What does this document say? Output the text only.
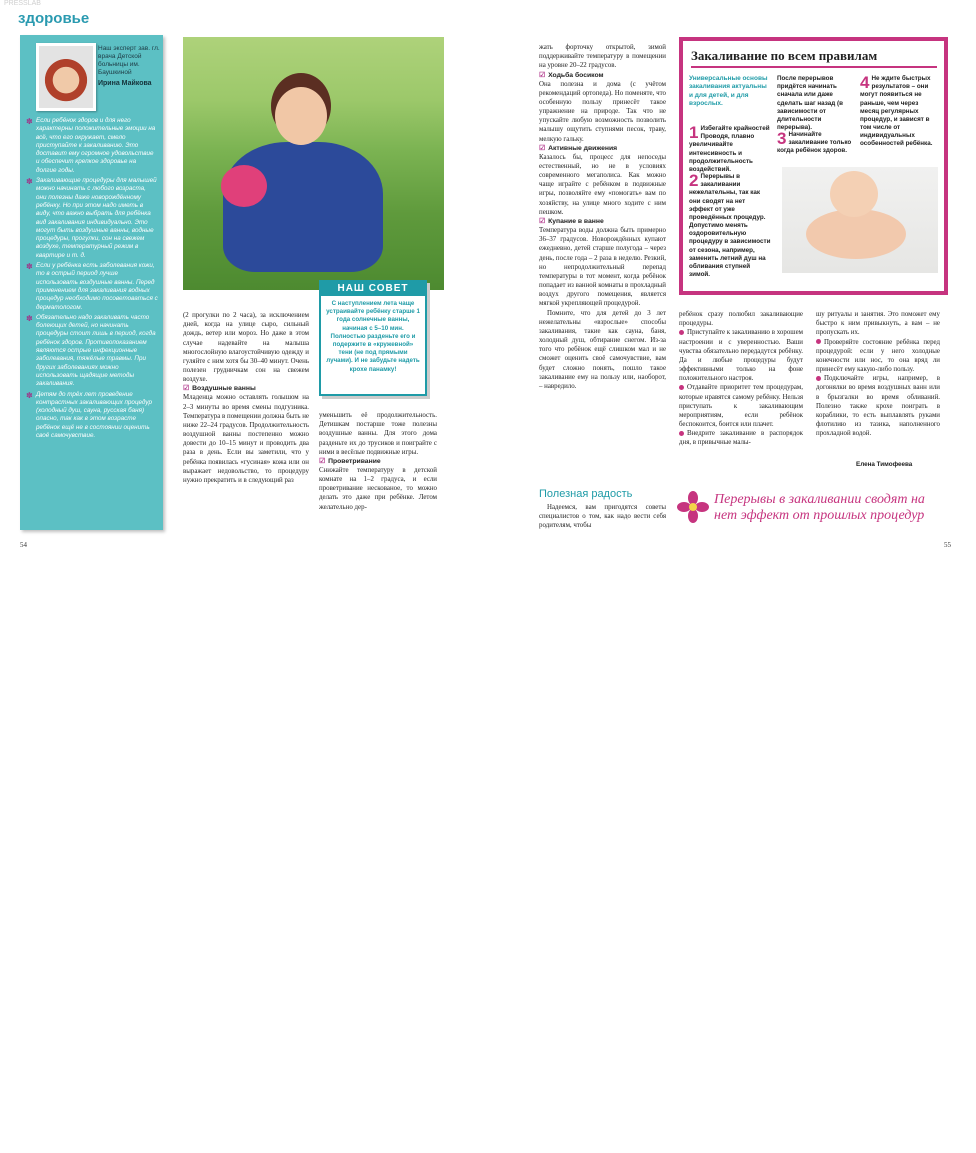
PRESSLAB
здоровье
Наш эксперт зав. гл. врача Детской больницы им. Баушкиной
Ирина Майкова
✽ Если ребёнок здоров и для него характерны положительные эмоции на всё, что его окружает, смело приступайте к закаливанию. Это доставит ему огромное удовольствие и обеспечит крепкое здоровье на долгие годы.
✽ Закаливающие процедуры для малышей можно начинать с любого возраста, они полезны даже новорождённому ребёнку. Но при этом надо иметь в виду, что важно выбрать для ребёнка вид закаливания индивидуально. Это могут быть воздушные ванны, водные процедуры, прогулки, сон на свежем воздухе, температурный режим в квартире и т. д.
✽ Если у ребёнка есть заболевания кожи, то в острый период лучше использовать воздушные ванны. Перед применением для закаливания водных процедур необходимо посоветоваться с дерматологом.
✽ Обязательно надо закаливать часто болеющих детей, но начинать процедуры стоит лишь в период, когда ребёнок здоров. Противопоказанием являются острые инфекционные заболевания, тяжёлые травмы. При других заболеваниях можно использовать щадящие методы закаливания.
✽ Детям до трёх лет проведение контрастных закаливающих процедур (холодный душ, сауна, русская баня) опасно, так как в этом возрасте ребёнок ещё не в состоянии оценить своё самочувствие.

(2 прогулки по 2 часа), за исключением дней, когда на улице сыро, сильный дождь, ветер или мороз. Но даже в этом случае надевайте на малыша многослойную влагоустойчивую одежду и гуляйте с ним хотя бы 30–40 минут. Очень полезен грудничкам сон на свежем воздухе.

☑ Воздушные ванны

Младенца можно оставлять голышом на 2–3 минуты во время смены подгузника. Температура в помещении должна быть не ниже 22–24 градусов. Продолжительность воздушной ванны постепенно можно довести до 10–15 минут и проводить два раза в день. Если вы заметили, что у ребёнка появилась «гусиная» кожа или он выражает недовольство, то процедуру нужно прекратить и в следующий раз

НАШ СОВЕТ
С наступлением лета чаще устраивайте ребёнку старше 1 года солнечные ванны, начиная с 5–10 мин. Полностью разденьте его и подержите в «кружевной» тени (не под прямыми лучами). И не забудьте надеть кроxе панамку!

уменьшить её продолжительность. Детишкам постарше тоже полезны воздушные ванны. Для этого дома разденьте их до трусиков и поиграйте с ними в весёлые подвижные игры.

☑ Проветривание

Снижайте температуру в детской комнате на 1–2 градуса, и если проветривание нескованое, то можно делать это даже при ребёнке. Летом желательно дер-

54

жать форточку открытой, зимой поддерживайте температуру в помещении на уровне 20–22 градусов.

☑ Ходьба босиком

Она полезна и дома (с учётом рекомендаций ортопеда). Но поменяте, что особенную пользу принесёт такое упражнение на природе. Так что не упускайте любую возможность позволить малышу ощутить ступнями песок, траву, мелкую гальку.

☑ Активные движения

Казалось бы, процесс для непоседы естественный, но не в условиях современного мегаполиса. Как можно чаще играйте с ребёнком в подвижные игры, позволяйте ему «помогать» вам по хозяйству, на улице много ходите с ним пешком.

☑ Купание в ванне

Температура воды должна быть примерно 36–37 градусов. Новорождённых купают ежедневно, детей старше полугода – через день, после года – 2 раза в неделю. Резкий, но непродолжительный перепад температуры в тот момент, когда ребёнок попадает из ванной комнаты в прохладный воздух другого помещения, является мягкой укрепляющей процедурой.

Помните, что для детей до 3 лет нежелательны «взрослые» способы закаливания, такие как сауна, баня, холодный душ, обтирание снегом. Из-за того что ребёнок ещё слишком мал и не сможет оценить своё самочувствие, вам будет сложно понять, пошло такое закаливание ему на пользу или, наоборот, – навредило.

Полезная радость
Надеемся, вам пригодятся советы специалистов о том, как надо вести себя родителям, чтобы
Закаливание по всем правилам
Универсальные основы закаливания актуальны и для детей, и для взрослых.
1 Избегайте крайностей Проводя, плавно увеличивайте интенсивность и продолжительность воздействий.
2 Перерывы в закаливании нежелательны, так как они сводят на нет эффект от уже проведённых процедур. Допустимо менять оздоровительную процедуру в зависимости от сезона, например, заменить летний душ на обливания ступней зимой.
После перерывов придётся начинать сначала или даже сделать шаг назад (в зависимости от длительности перерыва).
3 Начинайте закаливание только когда ребёнок здоров.
4 Не ждите быстрых результатов – они могут появиться не раньше, чем через месяц регулярных процедур, и зависят в том числе от индивидуальных особенностей ребёнка.

ребёнок сразу полюбил закаливающие процедуры.

Приступайте к закаливанию в хорошем настроении и с уверенностью. Ваши чувства обязательно передадутся ребёнку. Да и любые процедуры будут эффективными только на фоне положительного настроя.

Отдавайте приоритет тем процедурам, которые нравятся самому ребёнку. Нельзя приступать к закаливающим мероприятиям, если ребёнок беспокоится, боится или плачет.

Внедрите закаливание в распорядок дня, в привычные малы-

шу ритуалы и занятия. Это поможет ему быстро к ним привыкнуть, а вам – не пропускать их.

Проверяйте состояние ребёнка перед процедурой: если у него холодные конечности или нос, то она вряд ли принесёт ему какую-либо пользу.

Подключайте игры, например, в догонялки во время воздушных ванн или в брызгалки во время обливаний. Полезно также крохе поиграть в кораблики, то есть выплавлять руками флотилию из тазика, наполненного прохладной водой.

Елена Тимофеева
Перерывы в закаливании сводят на нет эффект от прошлых процедур
55
